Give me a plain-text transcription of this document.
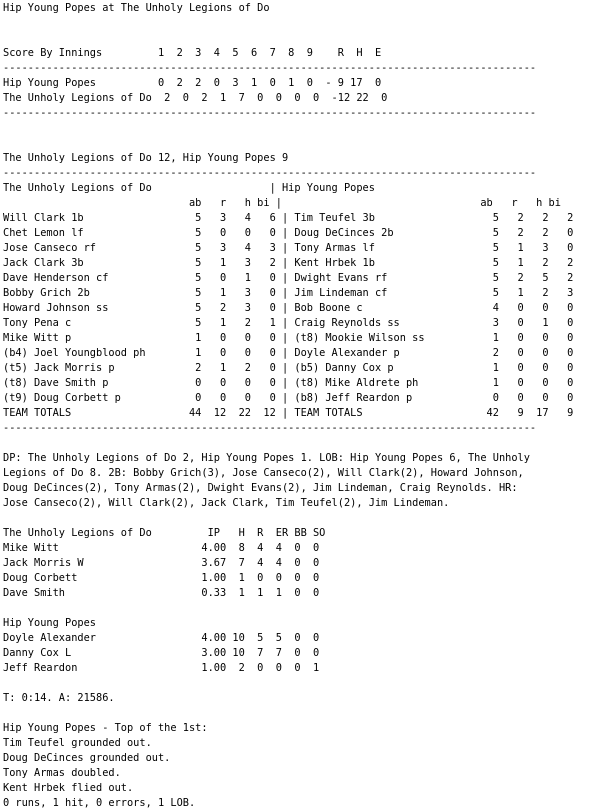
Hip Young Popes at The Unholy Legions of Do
Score By Innings         1  2  3  4  5  6  7  8  9    R  H  E
--------------------------------------------------------------------------------------
Hip Young Popes          0  2  2  0  3  1  0  1  0  - 9 17  0
The Unholy Legions of Do  2  0  2  1  7  0  0  0  0  -12 22  0
--------------------------------------------------------------------------------------
The Unholy Legions of Do 12, Hip Young Popes 9
--------------------------------------------------------------------------------------
The Unholy Legions of Do                   | Hip Young Popes
ab   r   h bi |                                ab   r   h bi
Will Clark 1b                  5   3   4   6 | Tim Teufel 3b                   5   2   2   2
Chet Lemon lf                  5   0   0   0 | Doug DeCinces 2b                5   2   2   0
Jose Canseco rf                5   3   4   3 | Tony Armas lf                   5   1   3   0
Jack Clark 3b                  5   1   3   2 | Kent Hrbek 1b                   5   1   2   2
Dave Henderson cf              5   0   1   0 | Dwight Evans rf                 5   2   5   2
Bobby Grich 2b                 5   1   3   0 | Jim Lindeman cf                 5   1   2   3
Howard Johnson ss              5   2   3   0 | Bob Boone c                     4   0   0   0
Tony Pena c                    5   1   2   1 | Craig Reynolds ss               3   0   1   0
Mike Witt p                    1   0   0   0 | (t8) Mookie Wilson ss           1   0   0   0
(b4) Joel Youngblood ph        1   0   0   0 | Doyle Alexander p               2   0   0   0
(t5) Jack Morris p             2   1   2   0 | (b5) Danny Cox p                1   0   0   0
(t8) Dave Smith p              0   0   0   0 | (t8) Mike Aldrete ph            1   0   0   0
(t9) Doug Corbett p            0   0   0   0 | (b8) Jeff Reardon p             0   0   0   0
TEAM TOTALS                   44  12  22  12 | TEAM TOTALS                    42   9  17   9
--------------------------------------------------------------------------------------
DP: The Unholy Legions of Do 2, Hip Young Popes 1. LOB: Hip Young Popes 6, The Unholy
Legions of Do 8. 2B: Bobby Grich(3), Jose Canseco(2), Will Clark(2), Howard Johnson,
Doug DeCinces(2), Tony Armas(2), Dwight Evans(2), Jim Lindeman, Craig Reynolds. HR:
Jose Canseco(2), Will Clark(2), Jack Clark, Tim Teufel(2), Jim Lindeman.
The Unholy Legions of Do         IP   H  R  ER BB SO
Mike Witt                       4.00  8  4  4  0  0
Jack Morris W                   3.67  7  4  4  0  0
Doug Corbett                    1.00  1  0  0  0  0
Dave Smith                      0.33  1  1  1  0  0
Hip Young Popes
Doyle Alexander                 4.00 10  5  5  0  0
Danny Cox L                     3.00 10  7  7  0  0
Jeff Reardon                    1.00  2  0  0  0  1
T: 0:14. A: 21586.
Hip Young Popes - Top of the 1st:
Tim Teufel grounded out.
Doug DeCinces grounded out.
Tony Armas doubled.
Kent Hrbek flied out.
0 runs, 1 hit, 0 errors, 1 LOB.
